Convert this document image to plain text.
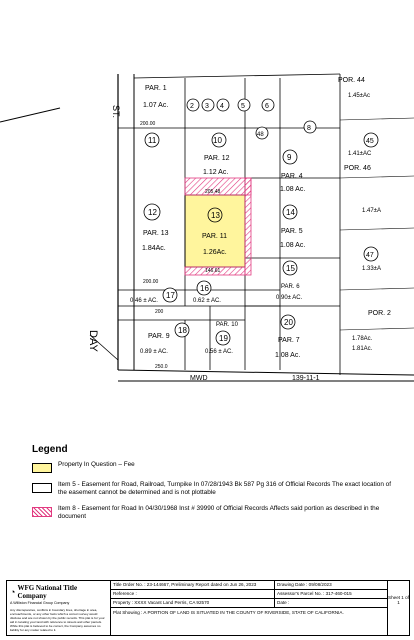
ST.
DAY
MWD	139-11-1
11
12
PAR. 13
1.84Ac.
13
PAR. 11
1.26Ac.
14
PAR. 5
1.08 Ac.
15
PAR. 6
0.90± AC.
16
0.62 ± AC.
17
0.46 ± AC.
18
PAR. 9
0.89 ± AC.
19
PAR. 10
0.56 ± AC.
20
PAR. 7
1.08 Ac.
9
PAR. 4
1.08 Ac.
10
PAR. 12
1.12 Ac.
PAR. 1
1.07 Ac.	2 3 4 5	6
8
48
POR. 44
45
POR. 46
47
POR. 2
1.45±Ac
1.41±AC
1.47±A
1.33±A
1.78Ac.
1.81Ac.
200.00
200.00
205.48
146.61
200
250.0
Legend
Property In Question – Fee
Item 5 - Easement for Road, Railroad, Turnpike In 07/28/1943 Bk 587 Pg 316 of Official Records The exact location of the easement cannot be determined and is not plottable
Item 8 - Easement for Road In 04/30/1968 Inst # 39990 of Official Records Affects said portion as described in the document
◔ WFG National Title Company
A Williston Financial Group Company
Any discrepancies, conflicts in boundary lines, shortage in area, encroachments, or any other facts which a correct survey would disclose and are not shown by the public records. This plat is for your aid in locating your land with reference to streets and other parcels. While this plat is believed to be correct, the Company assumes no liability for any matter related to it.
Title Order No. : 23-144667, Preliminary Report dated on Jun 26, 2023	Drawing Date : 09/08/2023
Reference :	Assessor's Parcel No. : 317-460-015
Property : XXXX Vacant Land Perris, CA 92570	Date :
Plat Showing : A PORTION OF LAND IS SITUATED IN THE COUNTY OF RIVERSIDE, STATE OF CALIFORNIA.
Sheet 1 of 1
